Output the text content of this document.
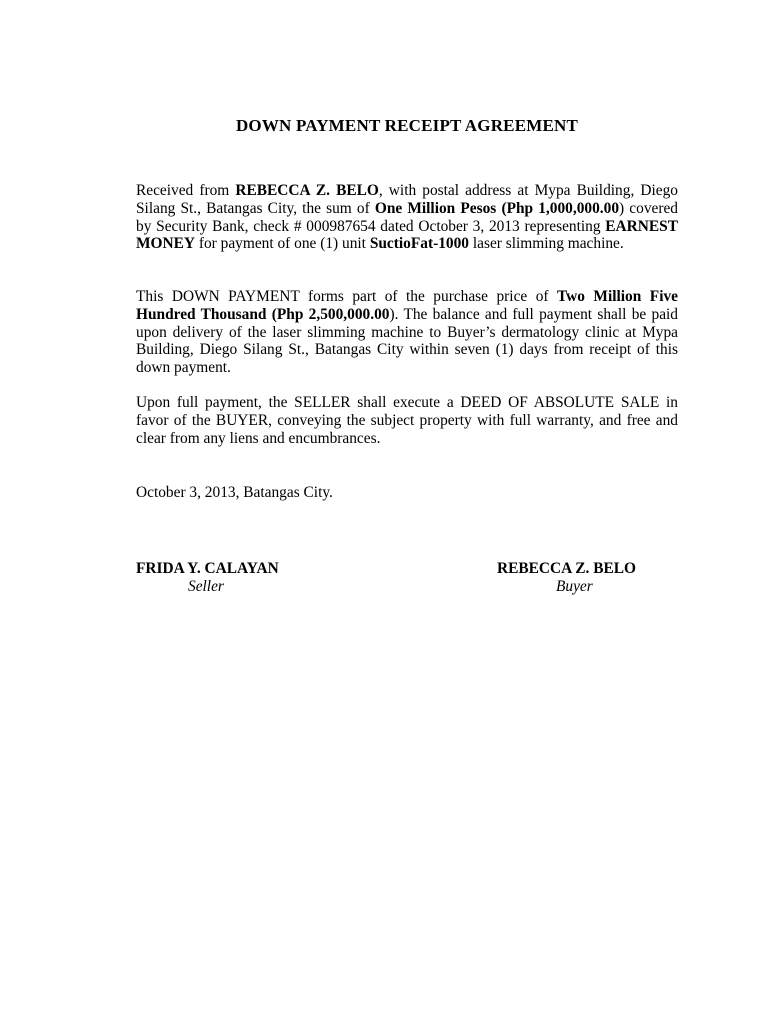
DOWN PAYMENT RECEIPT AGREEMENT

Received from REBECCA Z. BELO, with postal address at Mypa Building, Diego Silang St., Batangas City, the sum of One Million Pesos (Php 1,000,000.00) covered by Security Bank, check # 000987654 dated October 3, 2013 representing EARNEST MONEY for payment of one (1) unit SuctioFat-1000 laser slimming machine.

This DOWN PAYMENT forms part of the purchase price of Two Million Five Hundred Thousand (Php 2,500,000.00). The balance and full payment shall be paid upon delivery of the laser slimming machine to Buyer’s dermatology clinic at Mypa Building, Diego Silang St., Batangas City within seven (1) days from receipt of this down payment.

Upon full payment, the SELLER shall execute a DEED OF ABSOLUTE SALE in favor of the BUYER, conveying the subject property with full warranty, and free and clear from any liens and encumbrances.

October 3, 2013, Batangas City.

FRIDA Y. CALAYAN
Seller
REBECCA Z. BELO
Buyer
